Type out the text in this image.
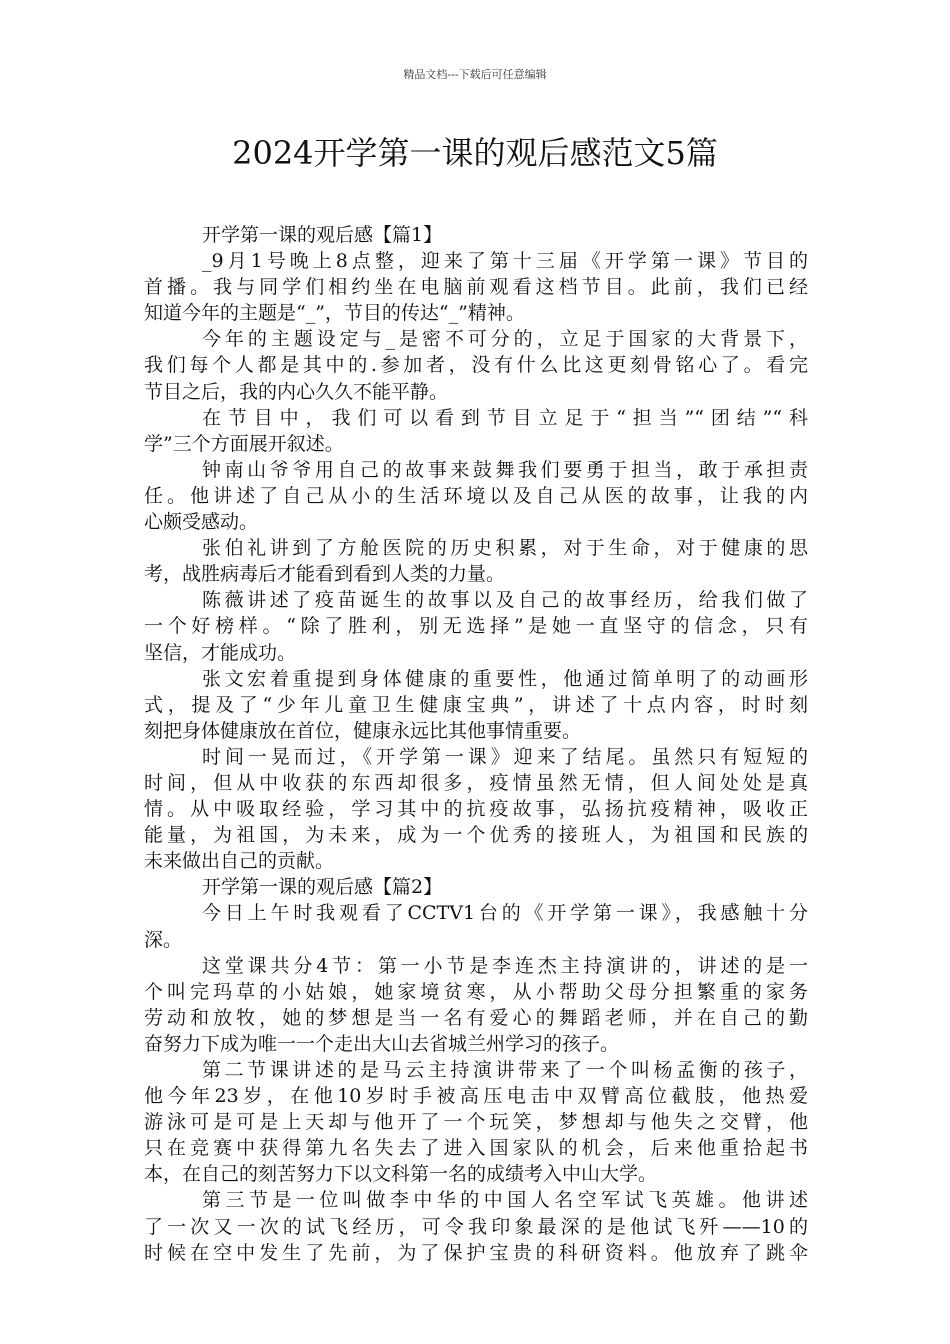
精品文档---下载后可任意编辑
2024开学第一课的观后感范文5篇
开学第一课的观后感【篇1】
_9月1号晚上8点整，迎来了第十三届《开学第一课》节目的
首播。我与同学们相约坐在电脑前观看这档节目。此前，我们已经
知道今年的主题是“_”，节目的传达“_”精神。
今年的主题设定与_是密不可分的，立足于国家的大背景下，
我们每个人都是其中的.参加者，没有什么比这更刻骨铭心了。看完
节目之后，我的内心久久不能平静。
在节目中，我们可以看到节目立足于“担当”“团结”“科
学”三个方面展开叙述。
钟南山爷爷用自己的故事来鼓舞我们要勇于担当，敢于承担责
任。他讲述了自己从小的生活环境以及自己从医的故事，让我的内
心颇受感动。
张伯礼讲到了方舱医院的历史积累，对于生命，对于健康的思
考，战胜病毒后才能看到看到人类的力量。
陈薇讲述了疫苗诞生的故事以及自己的故事经历，给我们做了
一个好榜样。“除了胜利，别无选择”是她一直坚守的信念，只有
坚信，才能成功。
张文宏着重提到身体健康的重要性，他通过简单明了的动画形
式，提及了“少年儿童卫生健康宝典”，讲述了十点内容，时时刻
刻把身体健康放在首位，健康永远比其他事情重要。
时间一晃而过，《开学第一课》迎来了结尾。虽然只有短短的
时间，但从中收获的东西却很多，疫情虽然无情，但人间处处是真
情。从中吸取经验，学习其中的抗疫故事，弘扬抗疫精神，吸收正
能量，为祖国，为未来，成为一个优秀的接班人，为祖国和民族的
未来做出自己的贡献。
开学第一课的观后感【篇2】
今日上午时我观看了CCTV1台的《开学第一课》，我感触十分
深。
这堂课共分4节：第一小节是李连杰主持演讲的，讲述的是一
个叫完玛草的小姑娘，她家境贫寒，从小帮助父母分担繁重的家务
劳动和放牧，她的梦想是当一名有爱心的舞蹈老师，并在自己的勤
奋努力下成为唯一一个走出大山去省城兰州学习的孩子。
第二节课讲述的是马云主持演讲带来了一个叫杨孟衡的孩子，
他今年23岁，在他10岁时手被高压电击中双臂高位截肢，他热爱
游泳可是可是上天却与他开了一个玩笑，梦想却与他失之交臂，他
只在竞赛中获得第九名失去了进入国家队的机会，后来他重拾起书
本，在自己的刻苦努力下以文科第一名的成绩考入中山大学。
第三节是一位叫做李中华的中国人名空军试飞英雄。他讲述
了一次又一次的试飞经历，可令我印象最深的是他试飞歼——10的
时候在空中发生了先前，为了保护宝贵的科研资料。他放弃了跳伞
